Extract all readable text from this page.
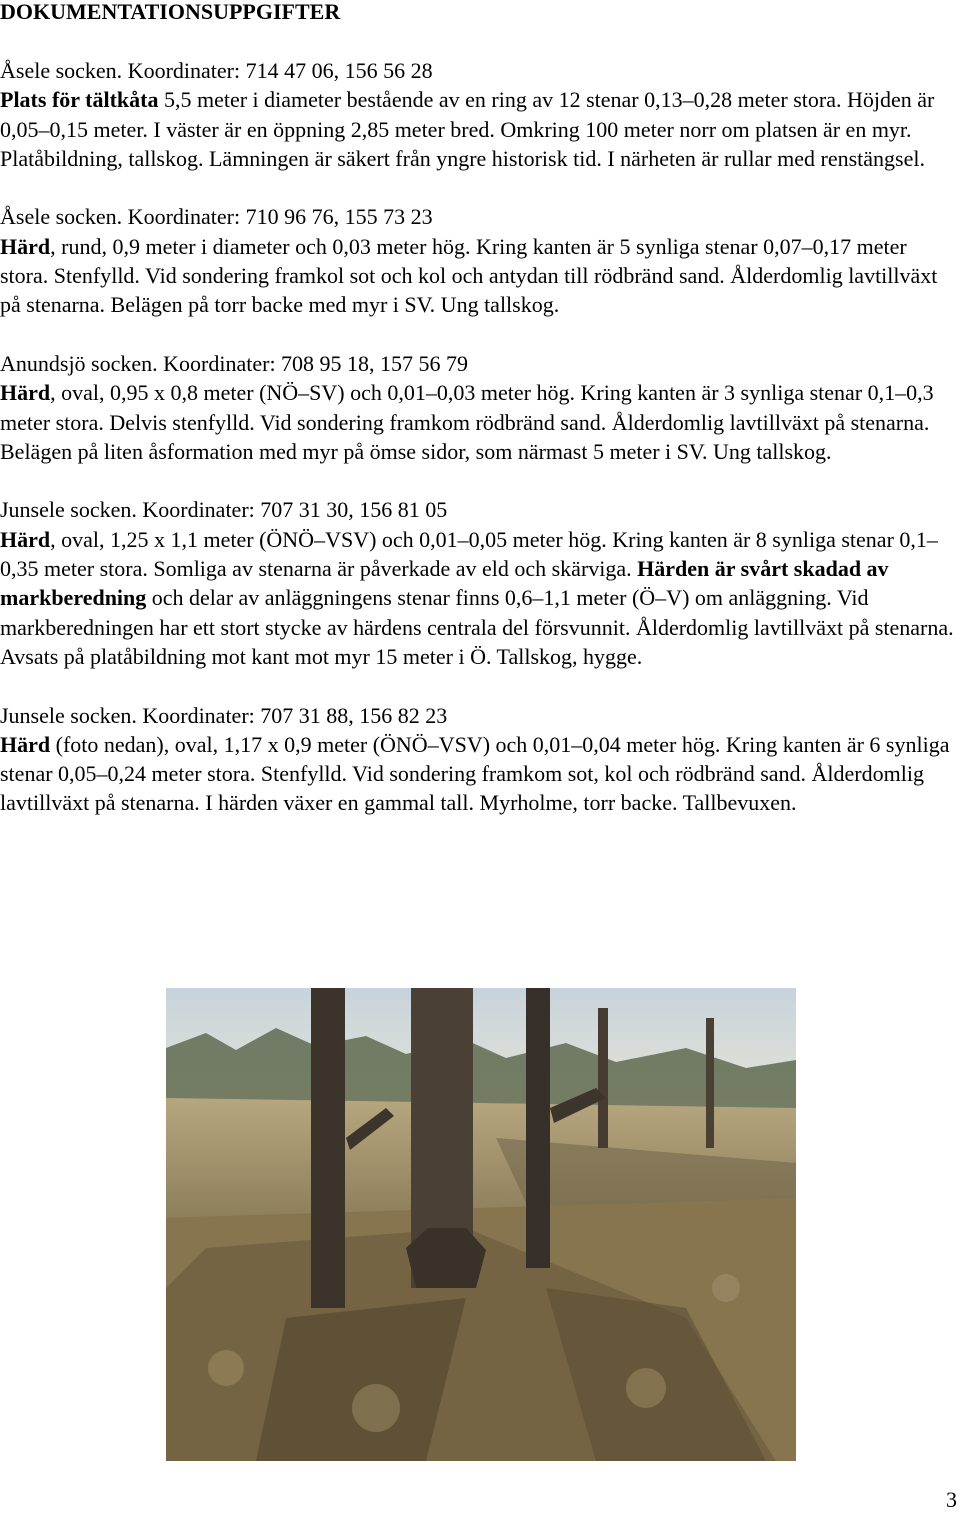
DOKUMENTATIONSUPPGIFTER

Åsele socken. Koordinater: 714 47 06, 156 56 28

Plats för tältkåta 5,5 meter i diameter bestående av en ring av 12 stenar 0,13–0,28 meter stora. Höjden är 0,05–0,15 meter. I väster är en öppning 2,85 meter bred. Omkring 100 meter norr om platsen är en myr. Platåbildning, tallskog. Lämningen är säkert från yngre historisk tid. I närheten är rullar med renstängsel.

Åsele socken. Koordinater: 710 96 76, 155 73 23

Härd, rund, 0,9 meter i diameter och 0,03 meter hög. Kring kanten är 5 synliga stenar 0,07–0,17 meter stora. Stenfylld. Vid sondering framkol sot och kol och antydan till rödbränd sand. Ålderdomlig lavtillväxt på stenarna. Belägen på torr backe med myr i SV. Ung tallskog.

Anundsjö socken. Koordinater: 708 95 18, 157 56 79

Härd, oval, 0,95 x 0,8 meter (NÖ–SV) och 0,01–0,03 meter hög. Kring kanten är 3 synliga stenar 0,1–0,3 meter stora. Delvis stenfylld. Vid sondering framkom rödbränd sand. Ålderdomlig lavtillväxt på stenarna.

Belägen på liten åsformation med myr på ömse sidor, som närmast 5 meter i SV. Ung tallskog.

Junsele socken. Koordinater: 707 31 30, 156 81 05

Härd, oval, 1,25 x 1,1 meter (ÖNÖ–VSV) och 0,01–0,05 meter hög. Kring kanten är 8 synliga stenar 0,1–0,35 meter stora. Somliga av stenarna är påverkade av eld och skärviga. Härden är svårt skadad av markberedning och delar av anläggningens stenar finns 0,6–1,1 meter (Ö–V) om anläggning. Vid markberedningen har ett stort stycke av härdens centrala del försvunnit. Ålderdomlig lavtillväxt på stenarna.

Avsats på platåbildning mot kant mot myr 15 meter i Ö. Tallskog, hygge.

Junsele socken. Koordinater: 707 31 88, 156 82 23

Härd (foto nedan), oval, 1,17 x 0,9 meter (ÖNÖ–VSV) och 0,01–0,04 meter hög. Kring kanten är 6 synliga stenar 0,05–0,24 meter stora. Stenfylld. Vid sondering framkom sot, kol och rödbränd sand. Ålderdomlig lavtillväxt på stenarna. I härden växer en gammal tall. Myrholme, torr backe. Tallbevuxen.

3
